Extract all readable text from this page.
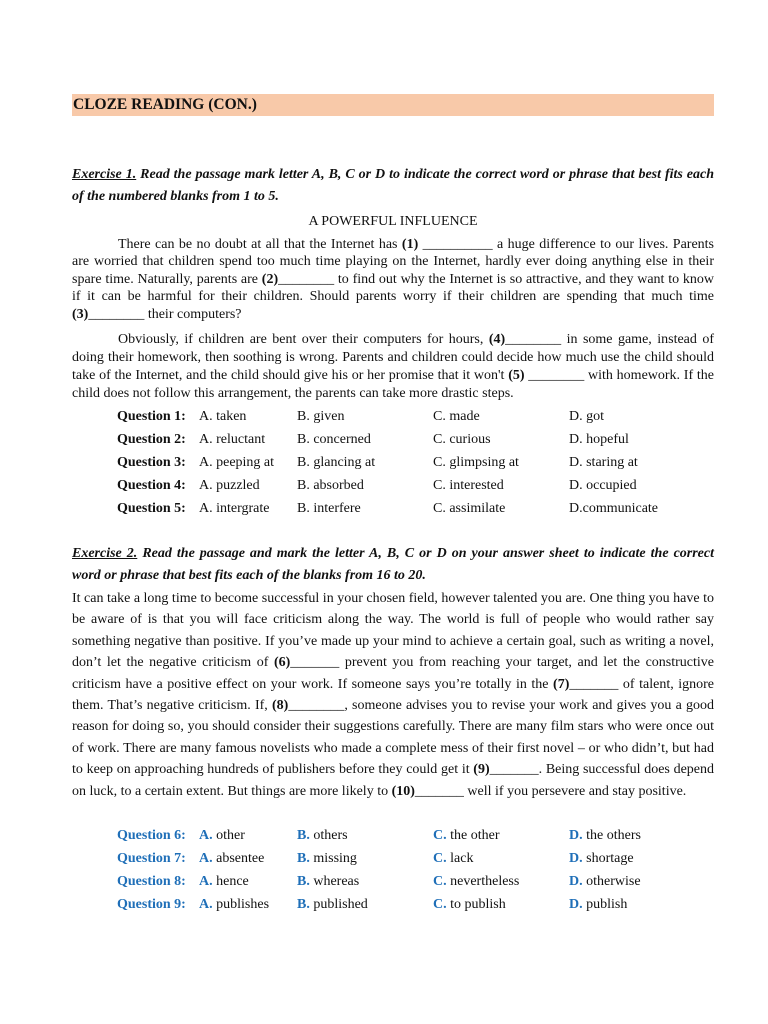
CLOZE READING (CON.)
Exercise 1. Read the passage mark letter A, B, C or D to indicate the correct word or phrase that best fits each of the numbered blanks from 1 to 5.
A POWERFUL INFLUENCE
There can be no doubt at all that the Internet has (1) __________ a huge difference to our lives. Parents are worried that children spend too much time playing on the Internet, hardly ever doing anything else in their spare time. Naturally, parents are (2)________ to find out why the Internet is so attractive, and they want to know if it can be harmful for their children. Should parents worry if their children are spending that much time (3)________ their computers?
Obviously, if children are bent over their computers for hours, (4)________ in some game, instead of doing their homework, then soothing is wrong. Parents and children could decide how much use the child should take of the Internet, and the child should give his or her promise that it won't (5) ________ with homework. If the child does not follow this arrangement, the parents can take more drastic steps.
Question 1:	A. taken	B. given	C. made	D. got
Question 2:	A. reluctant	B. concerned	C. curious	D. hopeful
Question 3:	A. peeping at	B. glancing at	C. glimpsing at	D. staring at
Question 4:	A. puzzled	B. absorbed	C. interested	D. occupied
Question 5:	A. intergrate	B. interfere	C. assimilate	D.communicate
Exercise 2. Read the passage and mark the letter A, B, C or D on your answer sheet to indicate the correct word or phrase that best fits each of the blanks from 16 to 20.
It can take a long time to become successful in your chosen field, however talented you are. One thing you have to be aware of is that you will face criticism along the way. The world is full of people who would rather say something negative than positive. If you’ve made up your mind to achieve a certain goal, such as writing a novel, don’t let the negative criticism of (6)_______ prevent you from reaching your target, and let the constructive criticism have a positive effect on your work. If someone says you’re totally in the (7)_______ of talent, ignore them. That’s negative criticism. If, (8)________, someone advises you to revise your work and gives you a good reason for doing so, you should consider their suggestions carefully. There are many film stars who were once out of work. There are many famous novelists who made a complete mess of their first novel – or who didn’t, but had to keep on approaching hundreds of publishers before they could get it (9)_______. Being successful does depend on luck, to a certain extent. But things are more likely to (10)_______ well if you persevere and stay positive.
Question 6:	A. other	B. others	C. the other	D. the others
Question 7:	A. absentee	B. missing	C. lack	D. shortage
Question 8:	A. hence	B. whereas	C. nevertheless	D. otherwise
Question 9:	A. publishes	B. published	C. to publish	D. publish
